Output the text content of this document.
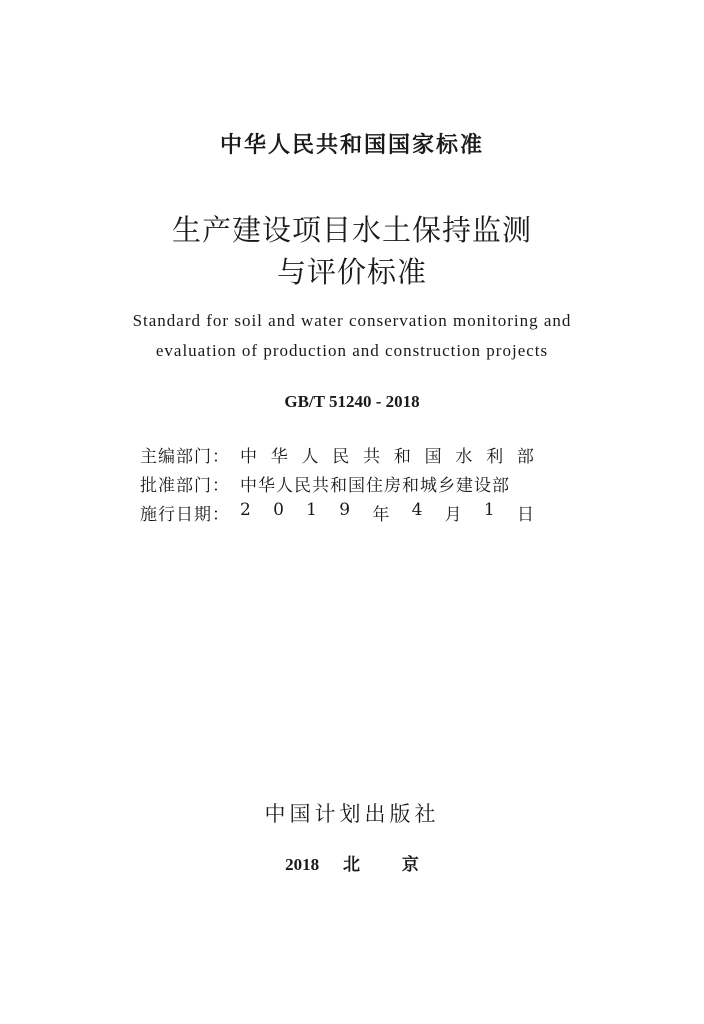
中华人民共和国国家标准
生产建设项目水土保持监测
与评价标准
Standard for soil and water conservation monitoring and
evaluation of production and construction projects
GB/T 51240 - 2018
主编部门： 中 华 人 民 共 和 国 水 利 部
批准部门： 中华人民共和国住房和城乡建设部
施行日期： 2 0 1 9 年 4 月 1 日
中国计划出版社
2018 北 京
